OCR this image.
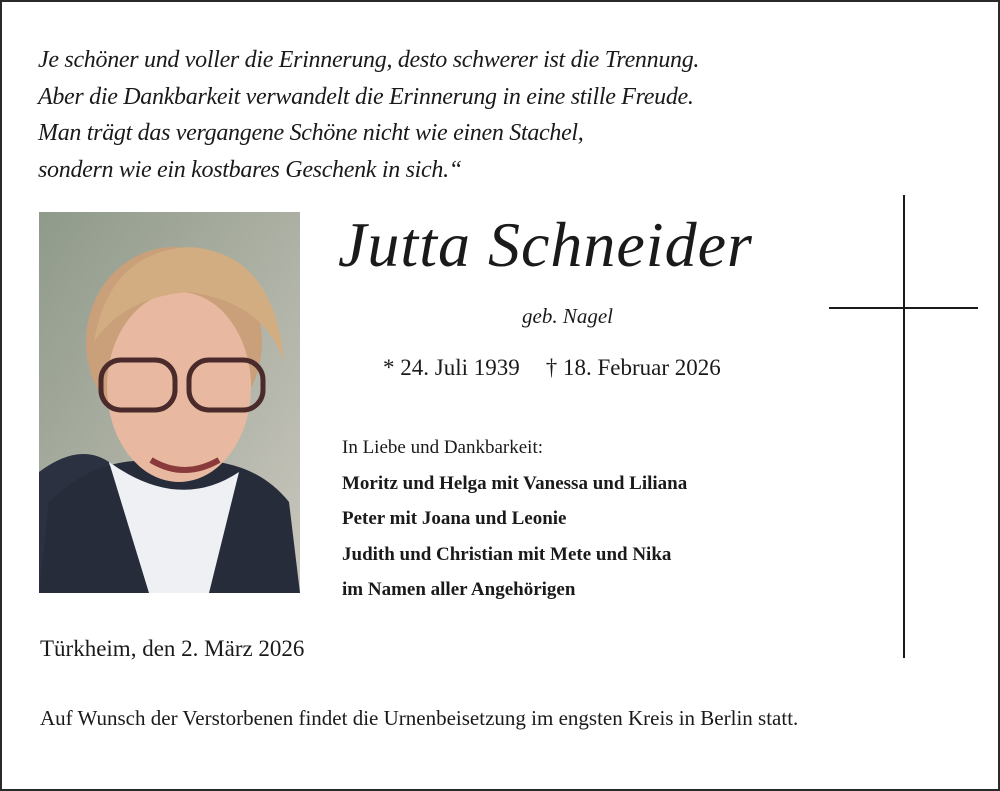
Je schöner und voller die Erinnerung, desto schwerer ist die Trennung.
Aber die Dankbarkeit verwandelt die Erinnerung in eine stille Freude.
Man trägt das vergangene Schöne nicht wie einen Stachel,
sondern wie ein kostbares Geschenk in sich.“
Jutta Schneider
geb. Nagel
* 24. Juli 1939 † 18. Februar 2026
In Liebe und Dankbarkeit:
Moritz und Helga mit Vanessa und Liliana
Peter mit Joana und Leonie
Judith und Christian mit Mete und Nika
im Namen aller Angehörigen
Türkheim, den 2. März 2026
Auf Wunsch der Verstorbenen findet die Urnenbeisetzung im engsten Kreis in Berlin statt.
